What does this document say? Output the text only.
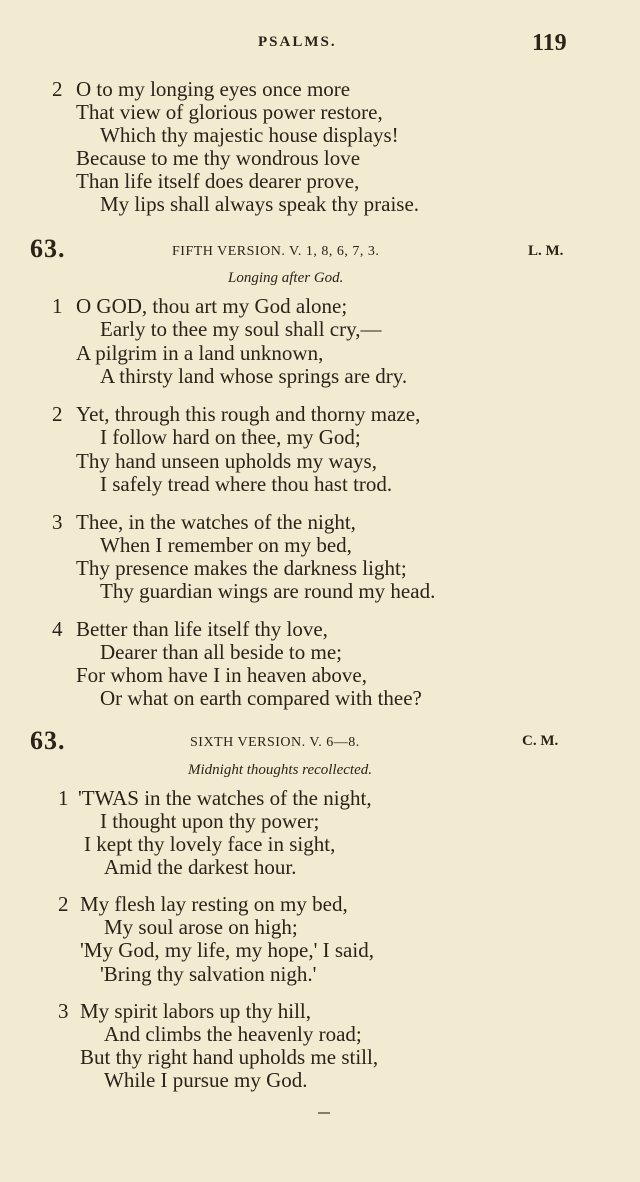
PSALMS.	119
2 O to my longing eyes once more
That view of glorious power restore,
Which thy majestic house displays!
Because to me thy wondrous love
Than life itself does dearer prove,
My lips shall always speak thy praise.
63.	FIFTH VERSION. V. 1, 8, 6, 7, 3.	L. M.
Longing after God.
1 O GOD, thou art my God alone;
Early to thee my soul shall cry,—
A pilgrim in a land unknown,
A thirsty land whose springs are dry.
2 Yet, through this rough and thorny maze,
I follow hard on thee, my God;
Thy hand unseen upholds my ways,
I safely tread where thou hast trod.
3 Thee, in the watches of the night,
When I remember on my bed,
Thy presence makes the darkness light;
Thy guardian wings are round my head.
4 Better than life itself thy love,
Dearer than all beside to me;
For whom have I in heaven above,
Or what on earth compared with thee?
63.	SIXTH VERSION. V. 6—8.	C. M.
Midnight thoughts recollected.
1 'TWAS in the watches of the night,
I thought upon thy power;
I kept thy lovely face in sight,
Amid the darkest hour.
2 My flesh lay resting on my bed,
My soul arose on high;
'My God, my life, my hope,' I said,
'Bring thy salvation nigh.'
3 My spirit labors up thy hill,
And climbs the heavenly road;
But thy right hand upholds me still,
While I pursue my God.
